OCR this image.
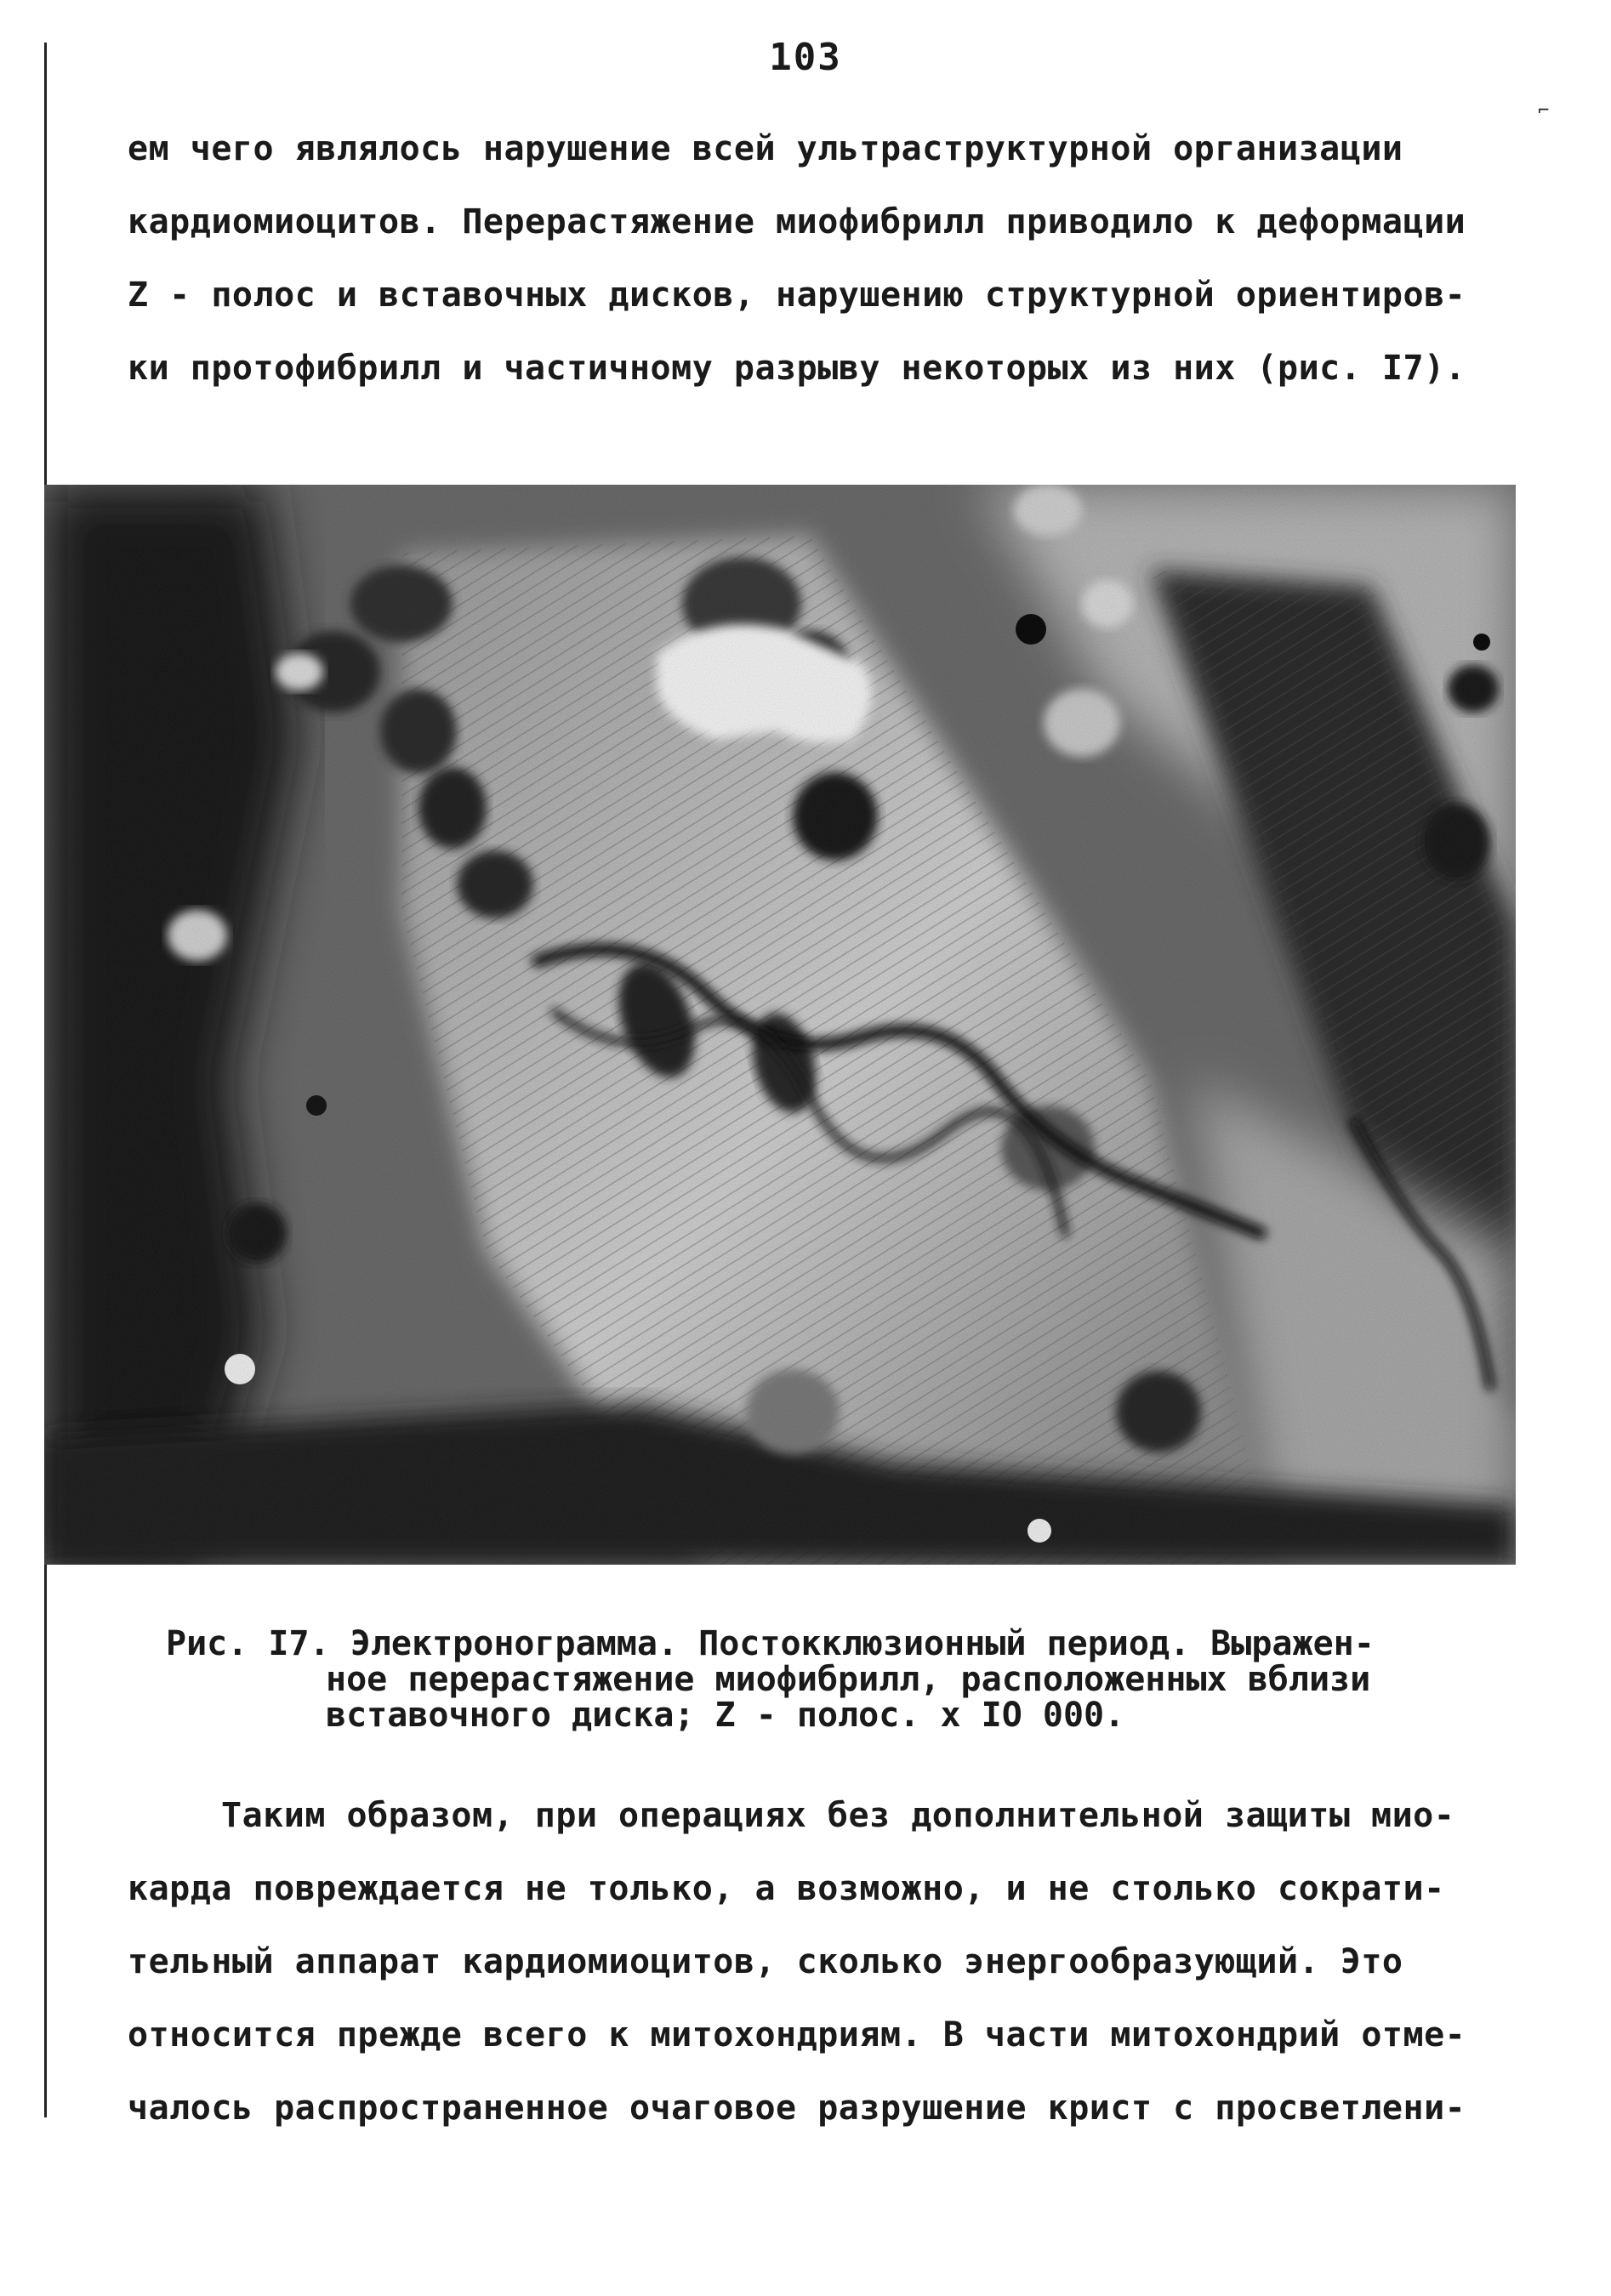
103

ем чего являлось нарушение всей ультраструктурной организации
кардиомиоцитов. Перерастяжение миофибрилл приводило к деформации
Z - полос и вставочных дисков, нарушению структурной ориентиров-
ки протофибрилл и частичному разрыву некоторых из них (рис. I7).

Рис. I7. Электронограмма. Постокклюзионный период. Выражен-
ное перерастяжение миофибрилл, расположенных вблизи
вставочного диска; Z - полос. х IO 000.

Таким образом, при операциях без дополнительной защиты мио-
карда повреждается не только, а возможно, и не столько сократи-
тельный аппарат кардиомиоцитов, сколько энергообразующий. Это
относится прежде всего к митохондриям. В части митохондрий отме-
чалось распространенное очаговое разрушение крист с просветлени-

⌐
